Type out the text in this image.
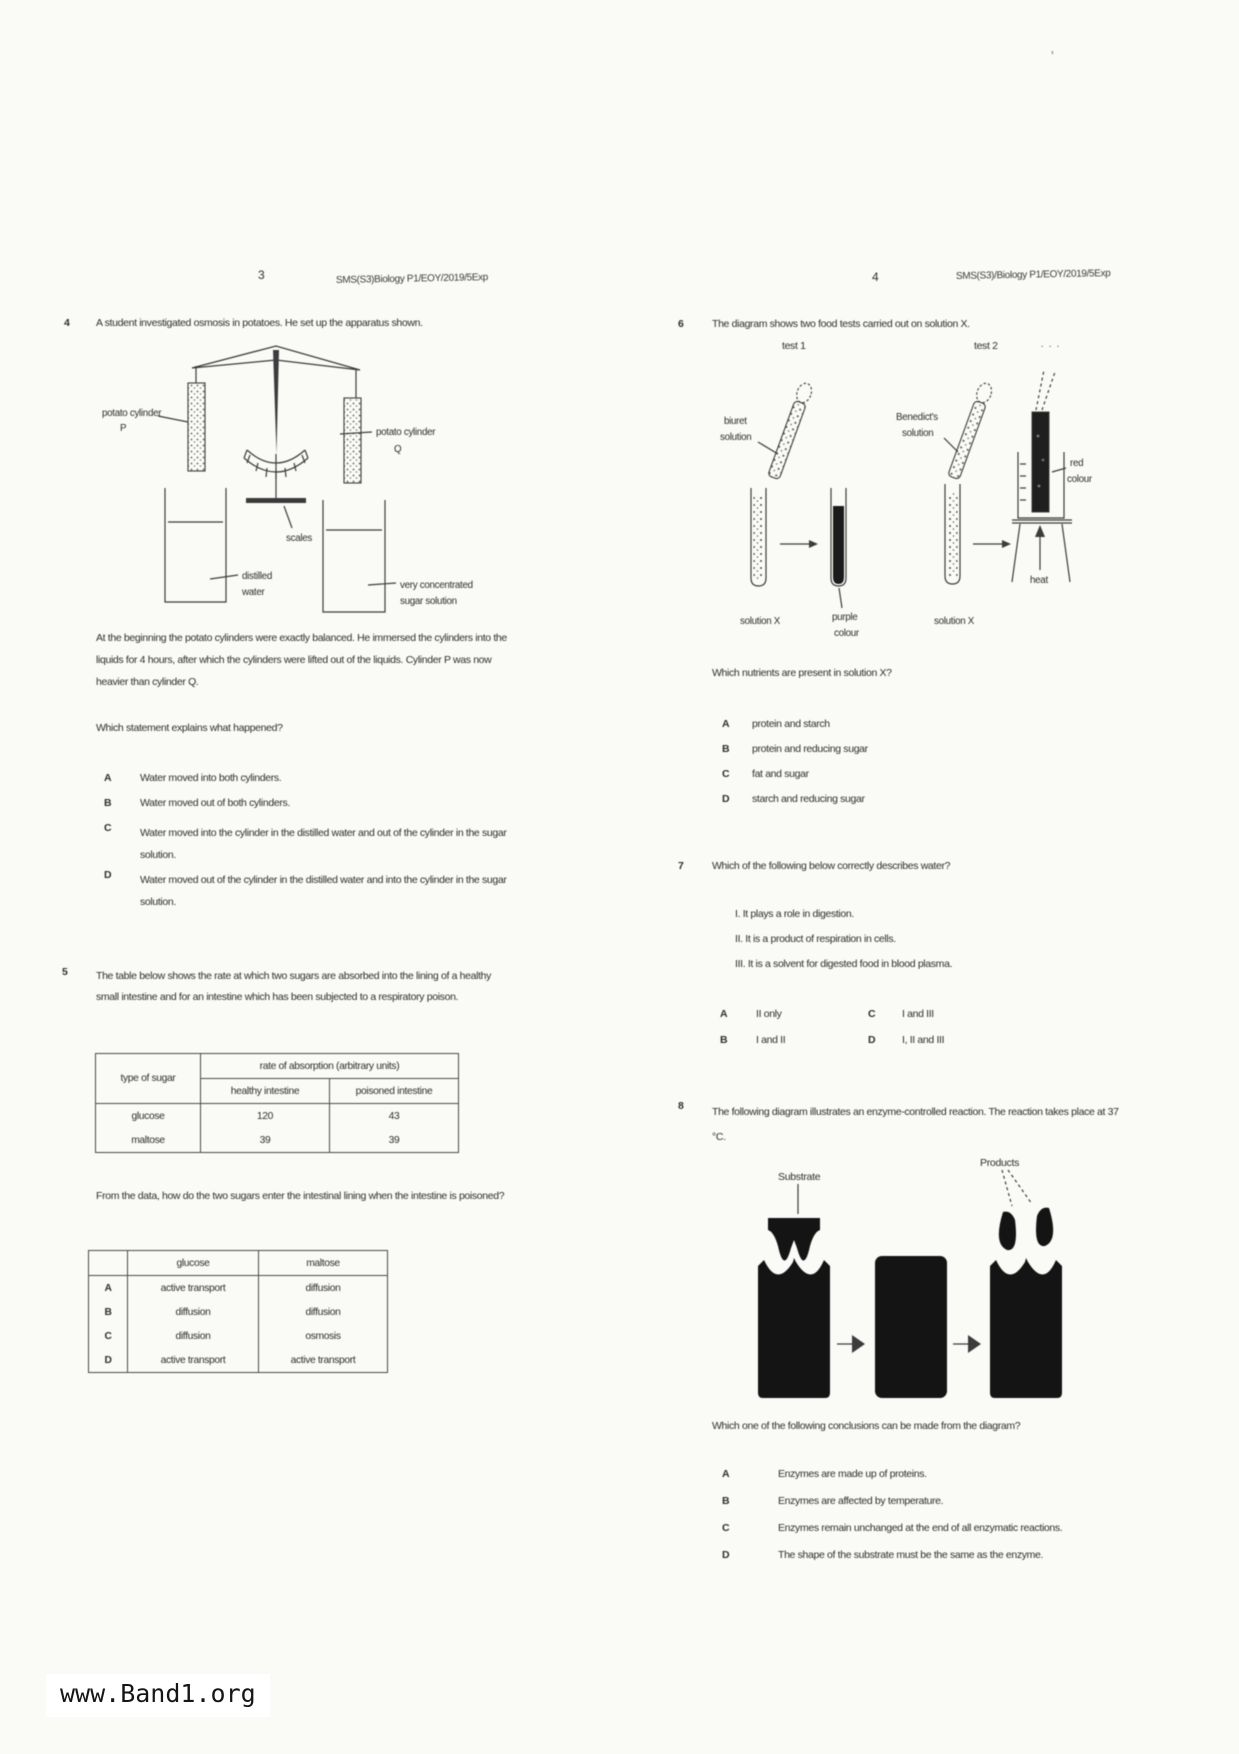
3	SMS(S3)Biology P1/EOY/2019/5Exp
4	A student investigated osmosis in potatoes. He set up the apparatus shown.
potato cylinder
P	potato cylinder
Q
scales
distilled
water
very concentrated
sugar solution
At the beginning the potato cylinders were exactly balanced. He immersed the cylinders into the liquids for 4 hours, after which the cylinders were lifted out of the liquids. Cylinder P was now heavier than cylinder Q.
Which statement explains what happened?
A	Water moved into both cylinders.
B	Water moved out of both cylinders.
C	Water moved into the cylinder in the distilled water and out of the cylinder in the sugar solution.
D	Water moved out of the cylinder in the distilled water and into the cylinder in the sugar solution.
5	The table below shows the rate at which two sugars are absorbed into the lining of a healthy small intestine and for an intestine which has been subjected to a respiratory poison.
type of sugar	rate of absorption (arbitrary units)	
	healthy intestine	poisoned intestine
glucose	120	43
maltose	39	39
From the data, how do the two sugars enter the intestinal lining when the intestine is poisoned?
	glucose	maltose
A	active transport	diffusion
B	diffusion	diffusion
C	diffusion	osmosis
D	active transport	active transport
4	SMS(S3)/Biology P1/EOY/2019/5Exp
6	The diagram shows two food tests carried out on solution X.
test 1	test 2	· · ·
biuret
solution
solution X	purple
colour
Benedict's
solution
solution X
red
colour
heat
Which nutrients are present in solution X?
A protein and starch
B protein and reducing sugar
C fat and sugar
D starch and reducing sugar
7	Which of the following below correctly describes water?
I. It plays a role in digestion.
II. It is a product of respiration in cells.
III. It is a solvent for digested food in blood plasma.
A	II only
B	I and II
C	I and III
D	I, II and III
8	The following diagram illustrates an enzyme-controlled reaction. The reaction takes place at 37 °C.
Substrate
Products
Which one of the following conclusions can be made from the diagram?
A	Enzymes are made up of proteins.
B	Enzymes are affected by temperature.
C	Enzymes remain unchanged at the end of all enzymatic reactions.
D	The shape of the substrate must be the same as the enzyme.
'
www.Band1.org
